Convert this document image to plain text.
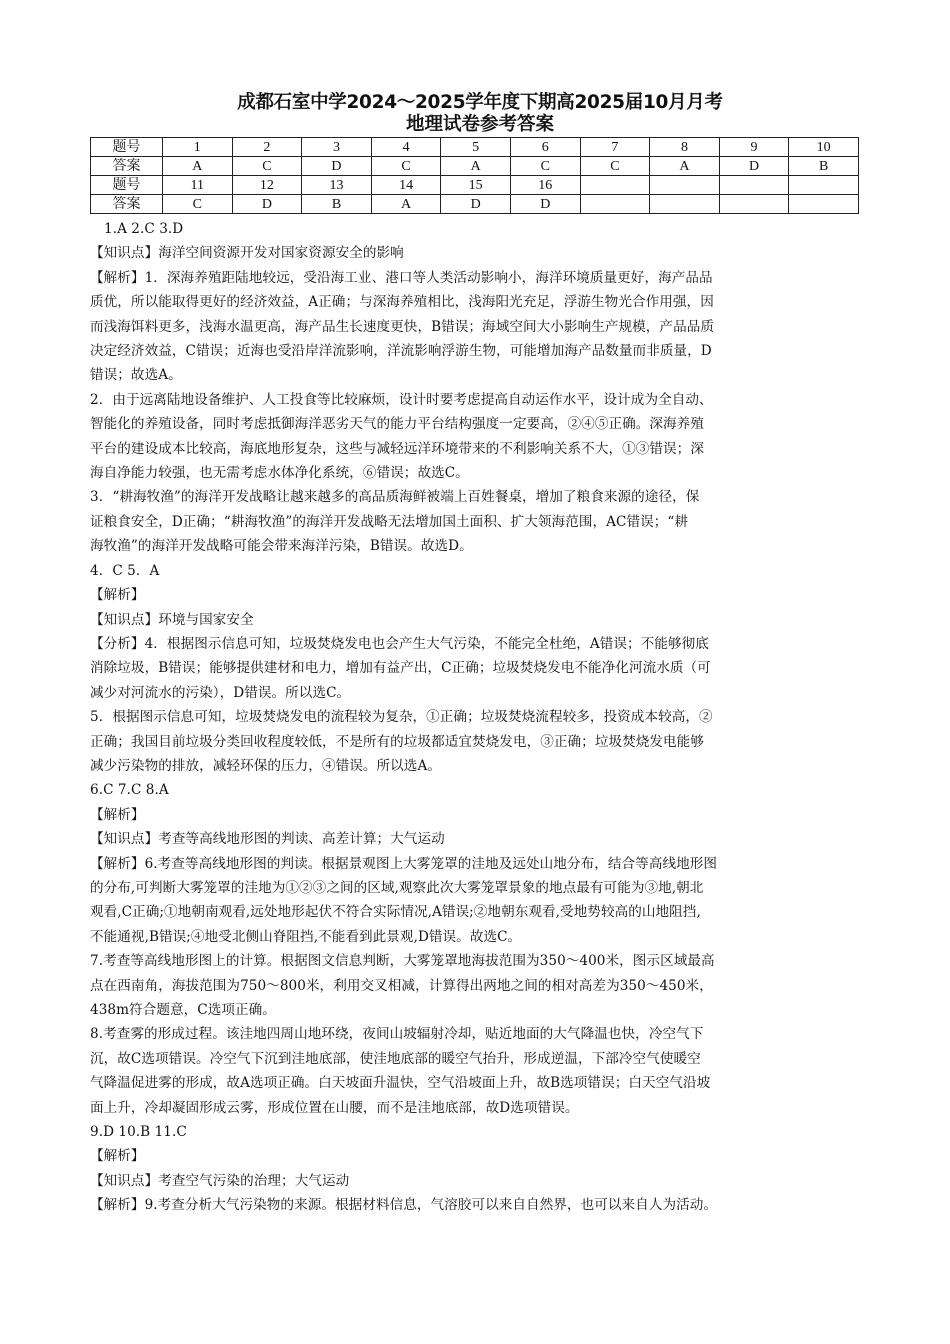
成都石室中学2024～2025学年度下期高2025届10月月考
地理试卷参考答案
题号	1	2	3	4	5	6	7	8	9	10
答案	A	C	D	C	A	C	C	A	D	B
题号	11	12	13	14	15	16				
答案	C	D	B	A	D	D				

1.A 2.C 3.D

【知识点】海洋空间资源开发对国家资源安全的影响

【解析】1．深海养殖距陆地较远，受沿海工业、港口等人类活动影响小，海洋环境质量更好，海产品品

质优，所以能取得更好的经济效益，A正确；与深海养殖相比，浅海阳光充足，浮游生物光合作用强，因

而浅海饵料更多，浅海水温更高，海产品生长速度更快，B错误；海域空间大小影响生产规模，产品品质

决定经济效益，C错误；近海也受沿岸洋流影响，洋流影响浮游生物，可能增加海产品数量而非质量，D

错误；故选A。

2．由于远离陆地设备维护、人工投食等比较麻烦，设计时要考虑提高自动运作水平，设计成为全自动、

智能化的养殖设备，同时考虑抵御海洋恶劣天气的能力平台结构强度一定要高，②④⑤正确。深海养殖

平台的建设成本比较高，海底地形复杂，这些与减轻远洋环境带来的不利影响关系不大，①③错误；深

海自净能力较强，也无需考虑水体净化系统，⑥错误；故选C。

3．“耕海牧渔”的海洋开发战略让越来越多的高品质海鲜被端上百姓餐桌，增加了粮食来源的途径，保

证粮食安全，D正确；“耕海牧渔”的海洋开发战略无法增加国土面积、扩大领海范围，AC错误；“耕

海牧渔”的海洋开发战略可能会带来海洋污染，B错误。故选D。

4．C 5．A

【解析】

【知识点】环境与国家安全

【分析】4．根据图示信息可知，垃圾焚烧发电也会产生大气污染，不能完全杜绝，A错误；不能够彻底

消除垃圾，B错误；能够提供建材和电力，增加有益产出，C正确；垃圾焚烧发电不能净化河流水质（可

减少对河流水的污染），D错误。所以选C。

5．根据图示信息可知，垃圾焚烧发电的流程较为复杂，①正确；垃圾焚烧流程较多，投资成本较高，②

正确；我国目前垃圾分类回收程度较低，不是所有的垃圾都适宜焚烧发电，③正确；垃圾焚烧发电能够

减少污染物的排放，减轻环保的压力，④错误。所以选A。

6.C 7.C 8.A

【解析】

【知识点】考查等高线地形图的判读、高差计算；大气运动

【解析】6.考查等高线地形图的判读。根据景观图上大雾笼罩的洼地及远处山地分布，结合等高线地形图

的分布,可判断大雾笼罩的洼地为①②③之间的区域,观察此次大雾笼罩景象的地点最有可能为③地,朝北

观看,C正确;①地朝南观看,远处地形起伏不符合实际情况,A错误;②地朝东观看,受地势较高的山地阻挡,

不能通视,B错误;④地受北侧山脊阻挡,不能看到此景观,D错误。故选C。

7.考查等高线地形图上的计算。根据图文信息判断，大雾笼罩地海拔范围为350～400米，图示区域最高

点在西南角，海拔范围为750～800米，利用交叉相减，计算得出两地之间的相对高差为350～450米，

438m符合题意，C选项正确。

8.考查雾的形成过程。该洼地四周山地环绕，夜间山坡辐射冷却，贴近地面的大气降温也快，冷空气下

沉，故C选项错误。冷空气下沉到洼地底部，使洼地底部的暖空气抬升，形成逆温，下部冷空气使暖空

气降温促进雾的形成，故A选项正确。白天坡面升温快，空气沿坡面上升，故B选项错误；白天空气沿坡

面上升，冷却凝固形成云雾，形成位置在山腰，而不是洼地底部，故D选项错误。

9.D 10.B 11.C

【解析】

【知识点】考查空气污染的治理；大气运动

【解析】9.考查分析大气污染物的来源。根据材料信息，气溶胶可以来自自然界，也可以来自人为活动。
